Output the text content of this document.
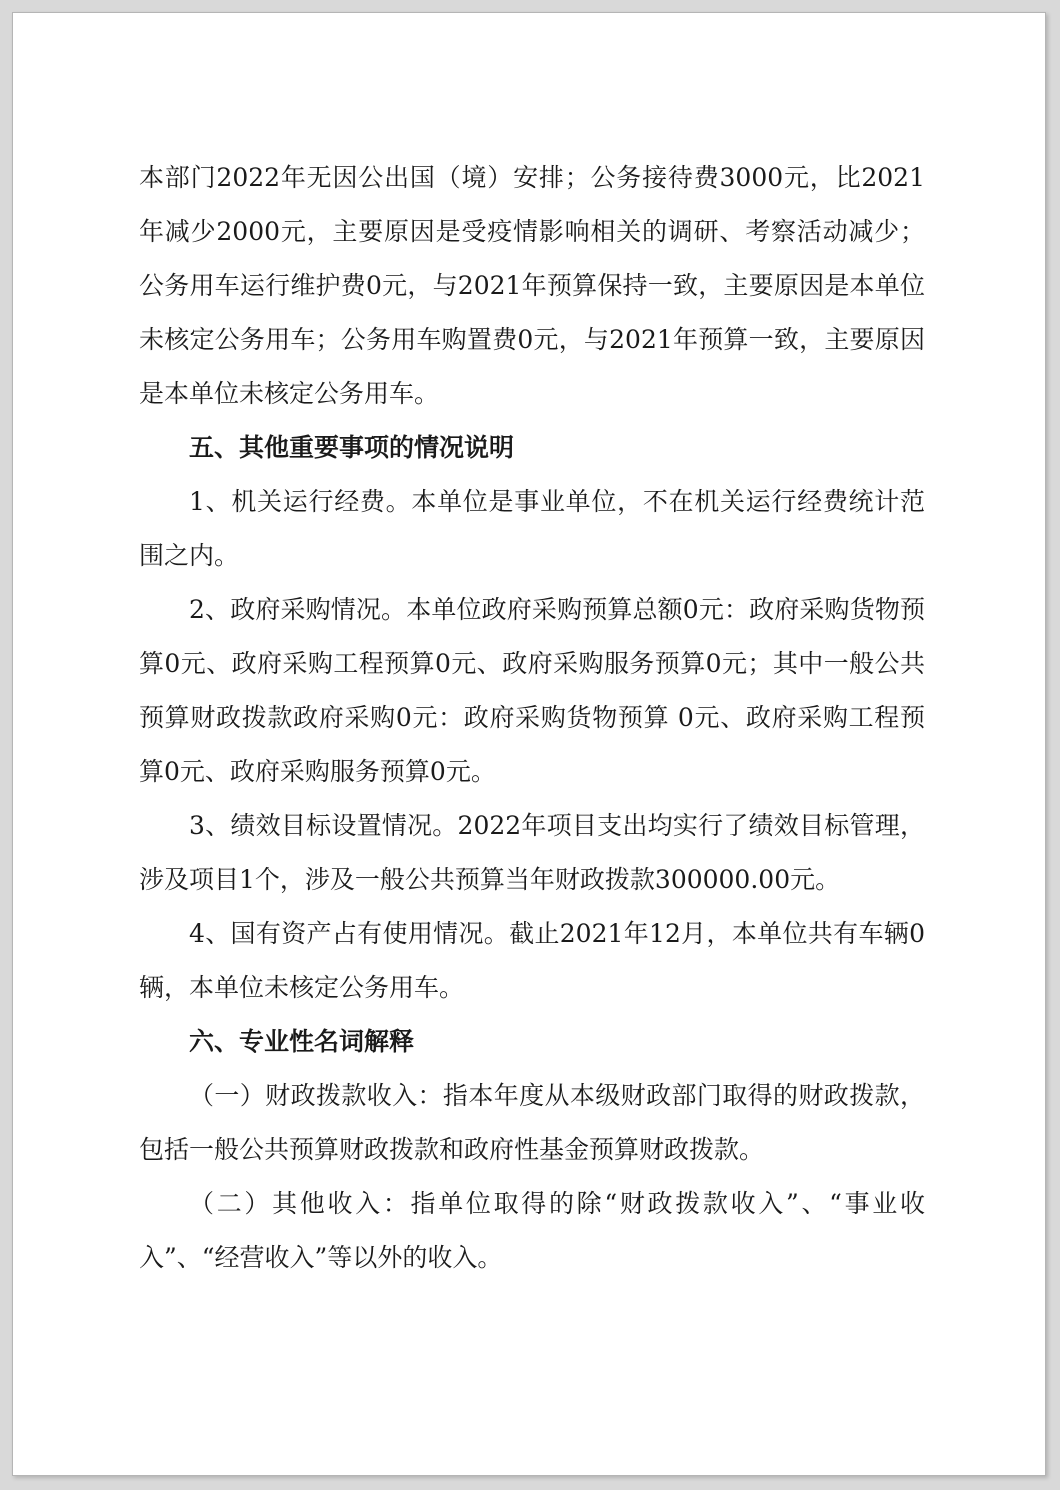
本部门2022年无因公出国（境）安排；公务接待费3000元，比2021年减少2000元，主要原因是受疫情影响相关的调研、考察活动减少；公务用车运行维护费0元，与2021年预算保持一致，主要原因是本单位未核定公务用车；公务用车购置费0元，与2021年预算一致，主要原因是本单位未核定公务用车。

五、其他重要事项的情况说明

1、机关运行经费。本单位是事业单位，不在机关运行经费统计范围之内。

2、政府采购情况。本单位政府采购预算总额0元：政府采购货物预算0元、政府采购工程预算0元、政府采购服务预算0元；其中一般公共预算财政拨款政府采购0元：政府采购货物预算 0元、政府采购工程预算0元、政府采购服务预算0元。

3、绩效目标设置情况。2022年项目支出均实行了绩效目标管理，涉及项目1个，涉及一般公共预算当年财政拨款300000.00元。

4、国有资产占有使用情况。截止2021年12月，本单位共有车辆0辆，本单位未核定公务用车。

六、专业性名词解释

（一）财政拨款收入：指本年度从本级财政部门取得的财政拨款，包括一般公共预算财政拨款和政府性基金预算财政拨款。

（二）其他收入：指单位取得的除“财政拨款收入”、“事业收入”、“经营收入”等以外的收入。
